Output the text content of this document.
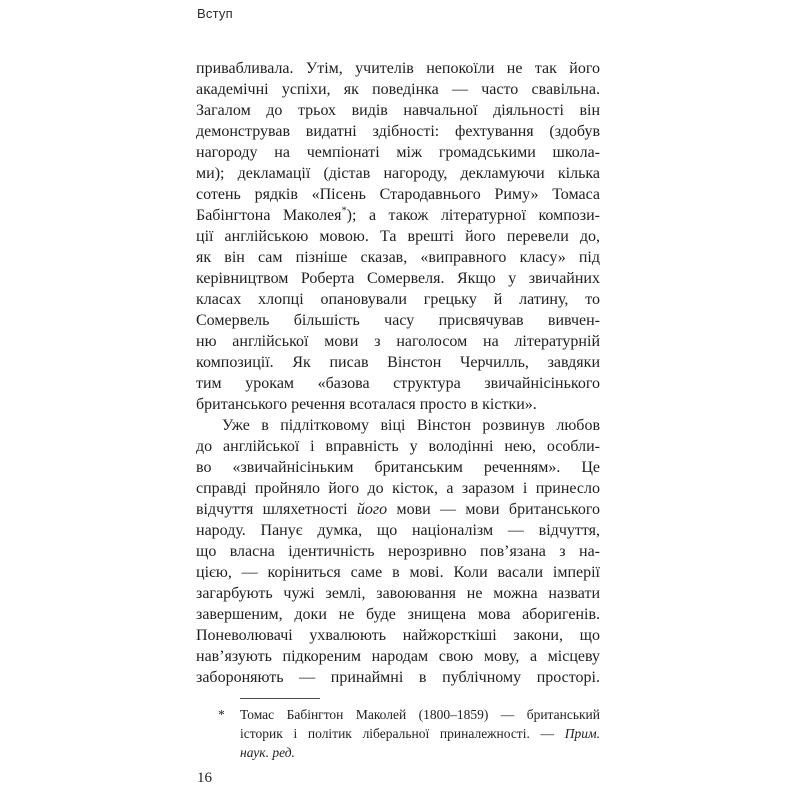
Вступ
привабливала. Утім, учителів непокоїли не так його
академічні успіхи, як поведінка — часто свавільна.
Загалом до трьох видів навчальної діяльності він
демонстрував видатні здібності: фехтування (здобув
нагороду на чемпіонаті між громадськими школа-
ми); декламації (дістав нагороду, декламуючи кілька
сотень рядків «Пісень Стародавнього Риму» Томаса
Бабінгтона Маколея*); а також літературної компози-
ції англійською мовою. Та врешті його перевели до,
як він сам пізніше сказав, «виправного класу» під
керівництвом Роберта Сомервеля. Якщо у звичайних
класах хлопці опановували грецьку й латину, то
Сомервель більшість часу присвячував вивчен-
ню англійської мови з наголосом на літературній
композиції. Як писав Вінстон Черчилль, завдяки
тим урокам «базова структура звичайнісінького
британського речення всоталася просто в кістки».
Уже в підлітковому віці Вінстон розвинув любов
до англійської і вправність у володінні нею, особли-
во «звичайнісіньким британським реченням». Це
справді пройняло його до кісток, а заразом і принесло
відчуття шляхетності його мови — мови британського
народу. Панує думка, що націоналізм — відчуття,
що власна ідентичність нерозривно пов’язана з на-
цією, — коріниться саме в мові. Коли васали імперії
загарбують чужі землі, завоювання не можна назвати
завершеним, доки не буде знищена мова аборигенів.
Поневолювачі ухвалюють найжорсткіші закони, що
нав’язують підкореним народам свою мову, а місцеву
забороняють — принаймні в публічному просторі.
*	Томас Бабінгтон Маколей (1800–1859) — британський
історик і політик ліберальної приналежності. — Прим.
наук. ред.
16
